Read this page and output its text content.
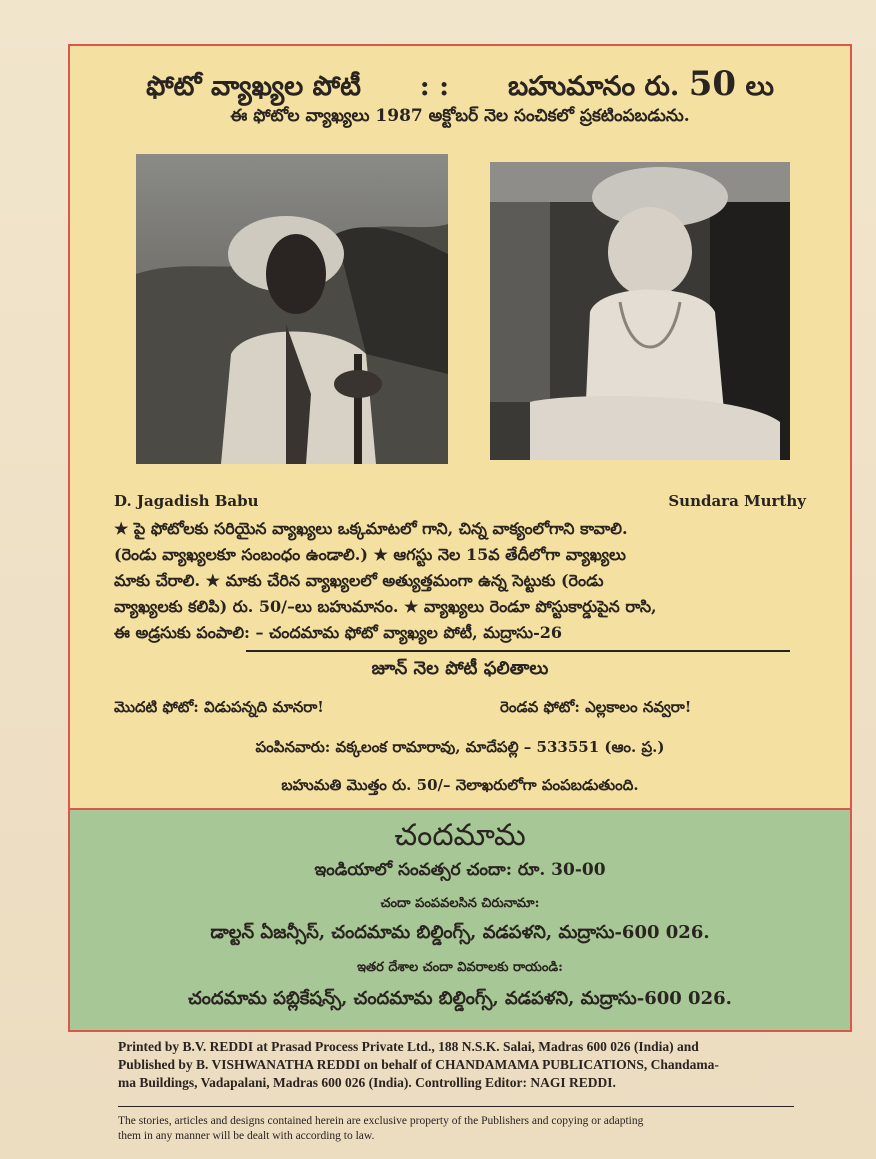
ఫోటో వ్యాఖ్యల పోటీ : : బహుమానం రు. 50 లు
ఈ ఫోటోల వ్యాఖ్యలు 1987 అక్టోబర్ నెల సంచికలో ప్రకటింపబడును.
D. Jagadish Babu	Sundara Murthy

★ పై ఫోటోలకు సరియైన వ్యాఖ్యలు ఒక్కమాటలో గాని, చిన్న వాక్యంలోగాని కావాలి.

(రెండు వ్యాఖ్యలకూ సంబంధం ఉండాలి.) ★ ఆగస్టు నెల 15వ తేదీలోగా వ్యాఖ్యలు

మాకు చేరాలి. ★ మాకు చేరిన వ్యాఖ్యలలో అత్యుత్తమంగా ఉన్న సెట్టుకు (రెండు

వ్యాఖ్యలకు కలిపి) రు. 50/–లు బహుమానం. ★ వ్యాఖ్యలు రెండూ పోస్టుకార్డుపైన రాసి,

ఈ అడ్రసుకు పంపాలి: – చందమామ ఫోటో వ్యాఖ్యల పోటీ, మద్రాసు-26

జూన్ నెల పోటీ ఫలితాలు
మొదటి ఫోటో: విడుపన్నది మానరా!	రెండవ ఫోటో: ఎల్లకాలం నవ్వరా!
పంపినవారు: వక్కలంక రామారావు, మాదేపల్లి – 533551 (ఆం. ప్ర.)
బహుమతి మొత్తం రు. 50/– నెలాఖరులోగా పంపబడుతుంది.
చందమామ
ఇండియాలో సంవత్సర చందా: రూ. 30-00
చందా పంపవలసిన చిరునామా:
డాల్టన్ ఏజన్సీస్, చందమామ బిల్డింగ్స్, వడపళని, మద్రాసు-600 026.
ఇతర దేశాల చందా వివరాలకు రాయండి:
చందమామ పబ్లికేషన్స్, చందమామ బిల్డింగ్స్, వడపళని, మద్రాసు-600 026.

Printed by B.V. REDDI at Prasad Process Private Ltd., 188 N.S.K. Salai, Madras 600 026 (India) and

Published by B. VISHWANATHA REDDI on behalf of CHANDAMAMA PUBLICATIONS, Chandama-

ma Buildings, Vadapalani, Madras 600 026 (India). Controlling Editor: NAGI REDDI.

The stories, articles and designs contained herein are exclusive property of the Publishers and copying or adapting

them in any manner will be dealt with according to law.
